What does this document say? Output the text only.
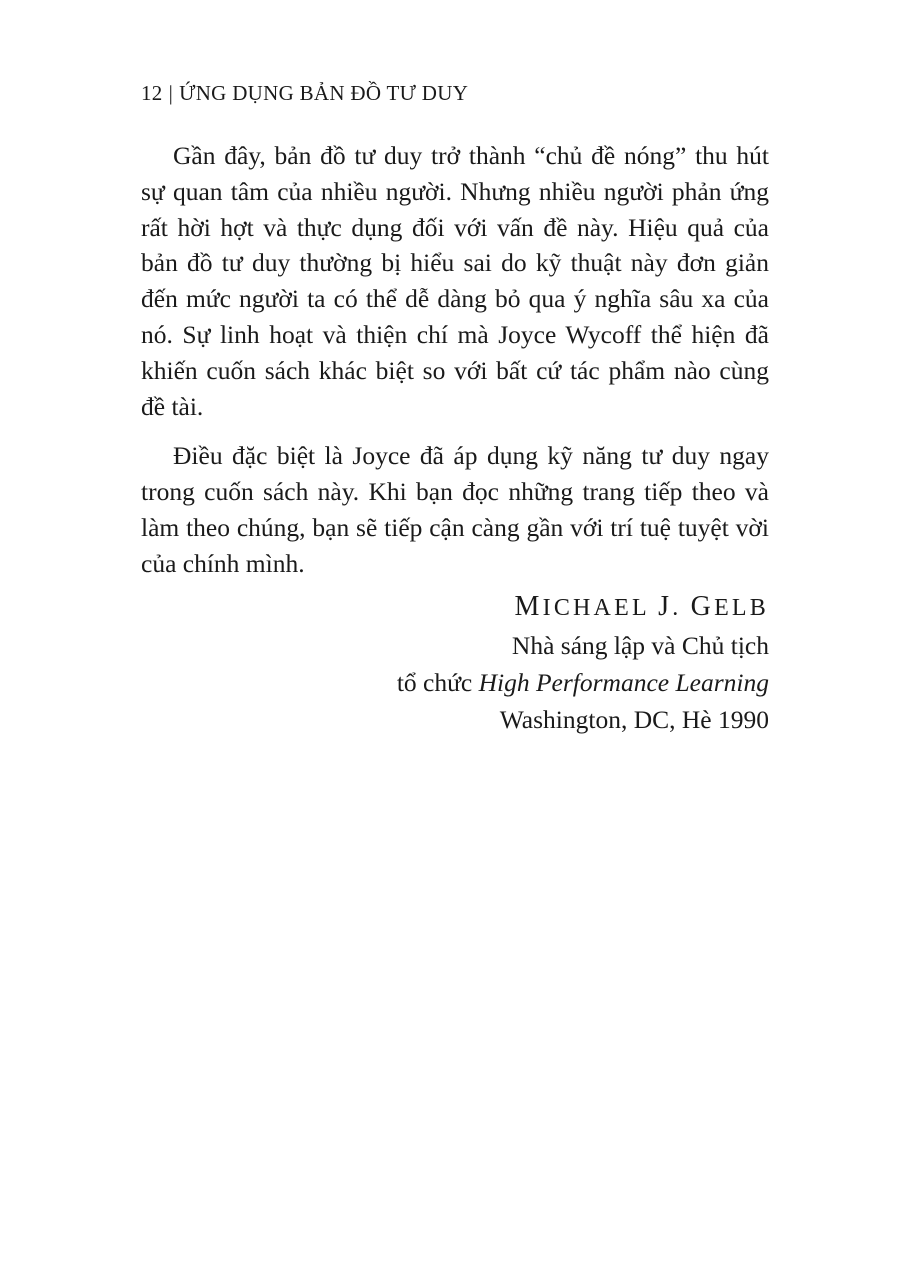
12 | ỨNG DỤNG BẢN ĐỒ TƯ DUY

Gần đây, bản đồ tư duy trở thành “chủ đề nóng” thu hút sự quan tâm của nhiều người. Nhưng nhiều người phản ứng rất hời hợt và thực dụng đối với vấn đề này. Hiệu quả của bản đồ tư duy thường bị hiểu sai do kỹ thuật này đơn giản đến mức người ta có thể dễ dàng bỏ qua ý nghĩa sâu xa của nó. Sự linh hoạt và thiện chí mà Joyce Wycoff thể hiện đã khiến cuốn sách khác biệt so với bất cứ tác phẩm nào cùng đề tài.

Điều đặc biệt là Joyce đã áp dụng kỹ năng tư duy ngay trong cuốn sách này. Khi bạn đọc những trang tiếp theo và làm theo chúng, bạn sẽ tiếp cận càng gần với trí tuệ tuyệt vời của chính mình.

MICHAEL J. GELB
Nhà sáng lập và Chủ tịch
tổ chức High Performance Learning
Washington, DC, Hè 1990
